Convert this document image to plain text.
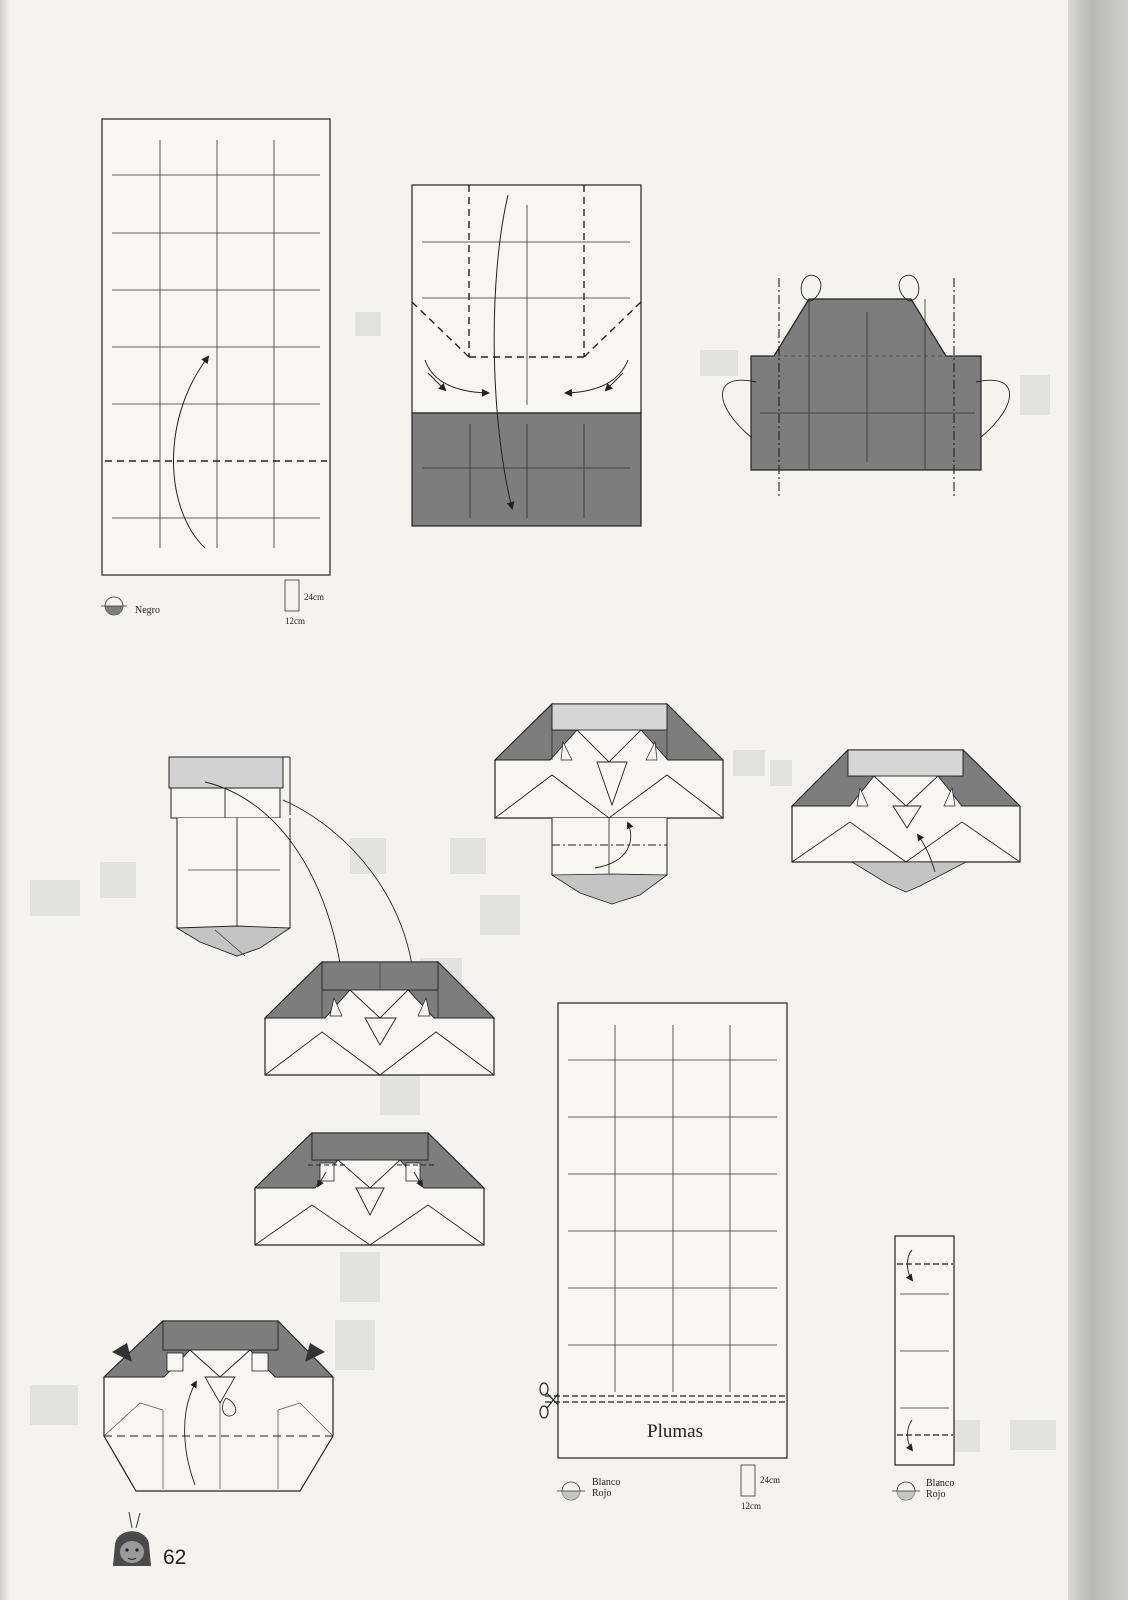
Negro
24cm
12cm
Plumas
Blanco
Rojo
24cm
12cm
Blanco
Rojo
62
